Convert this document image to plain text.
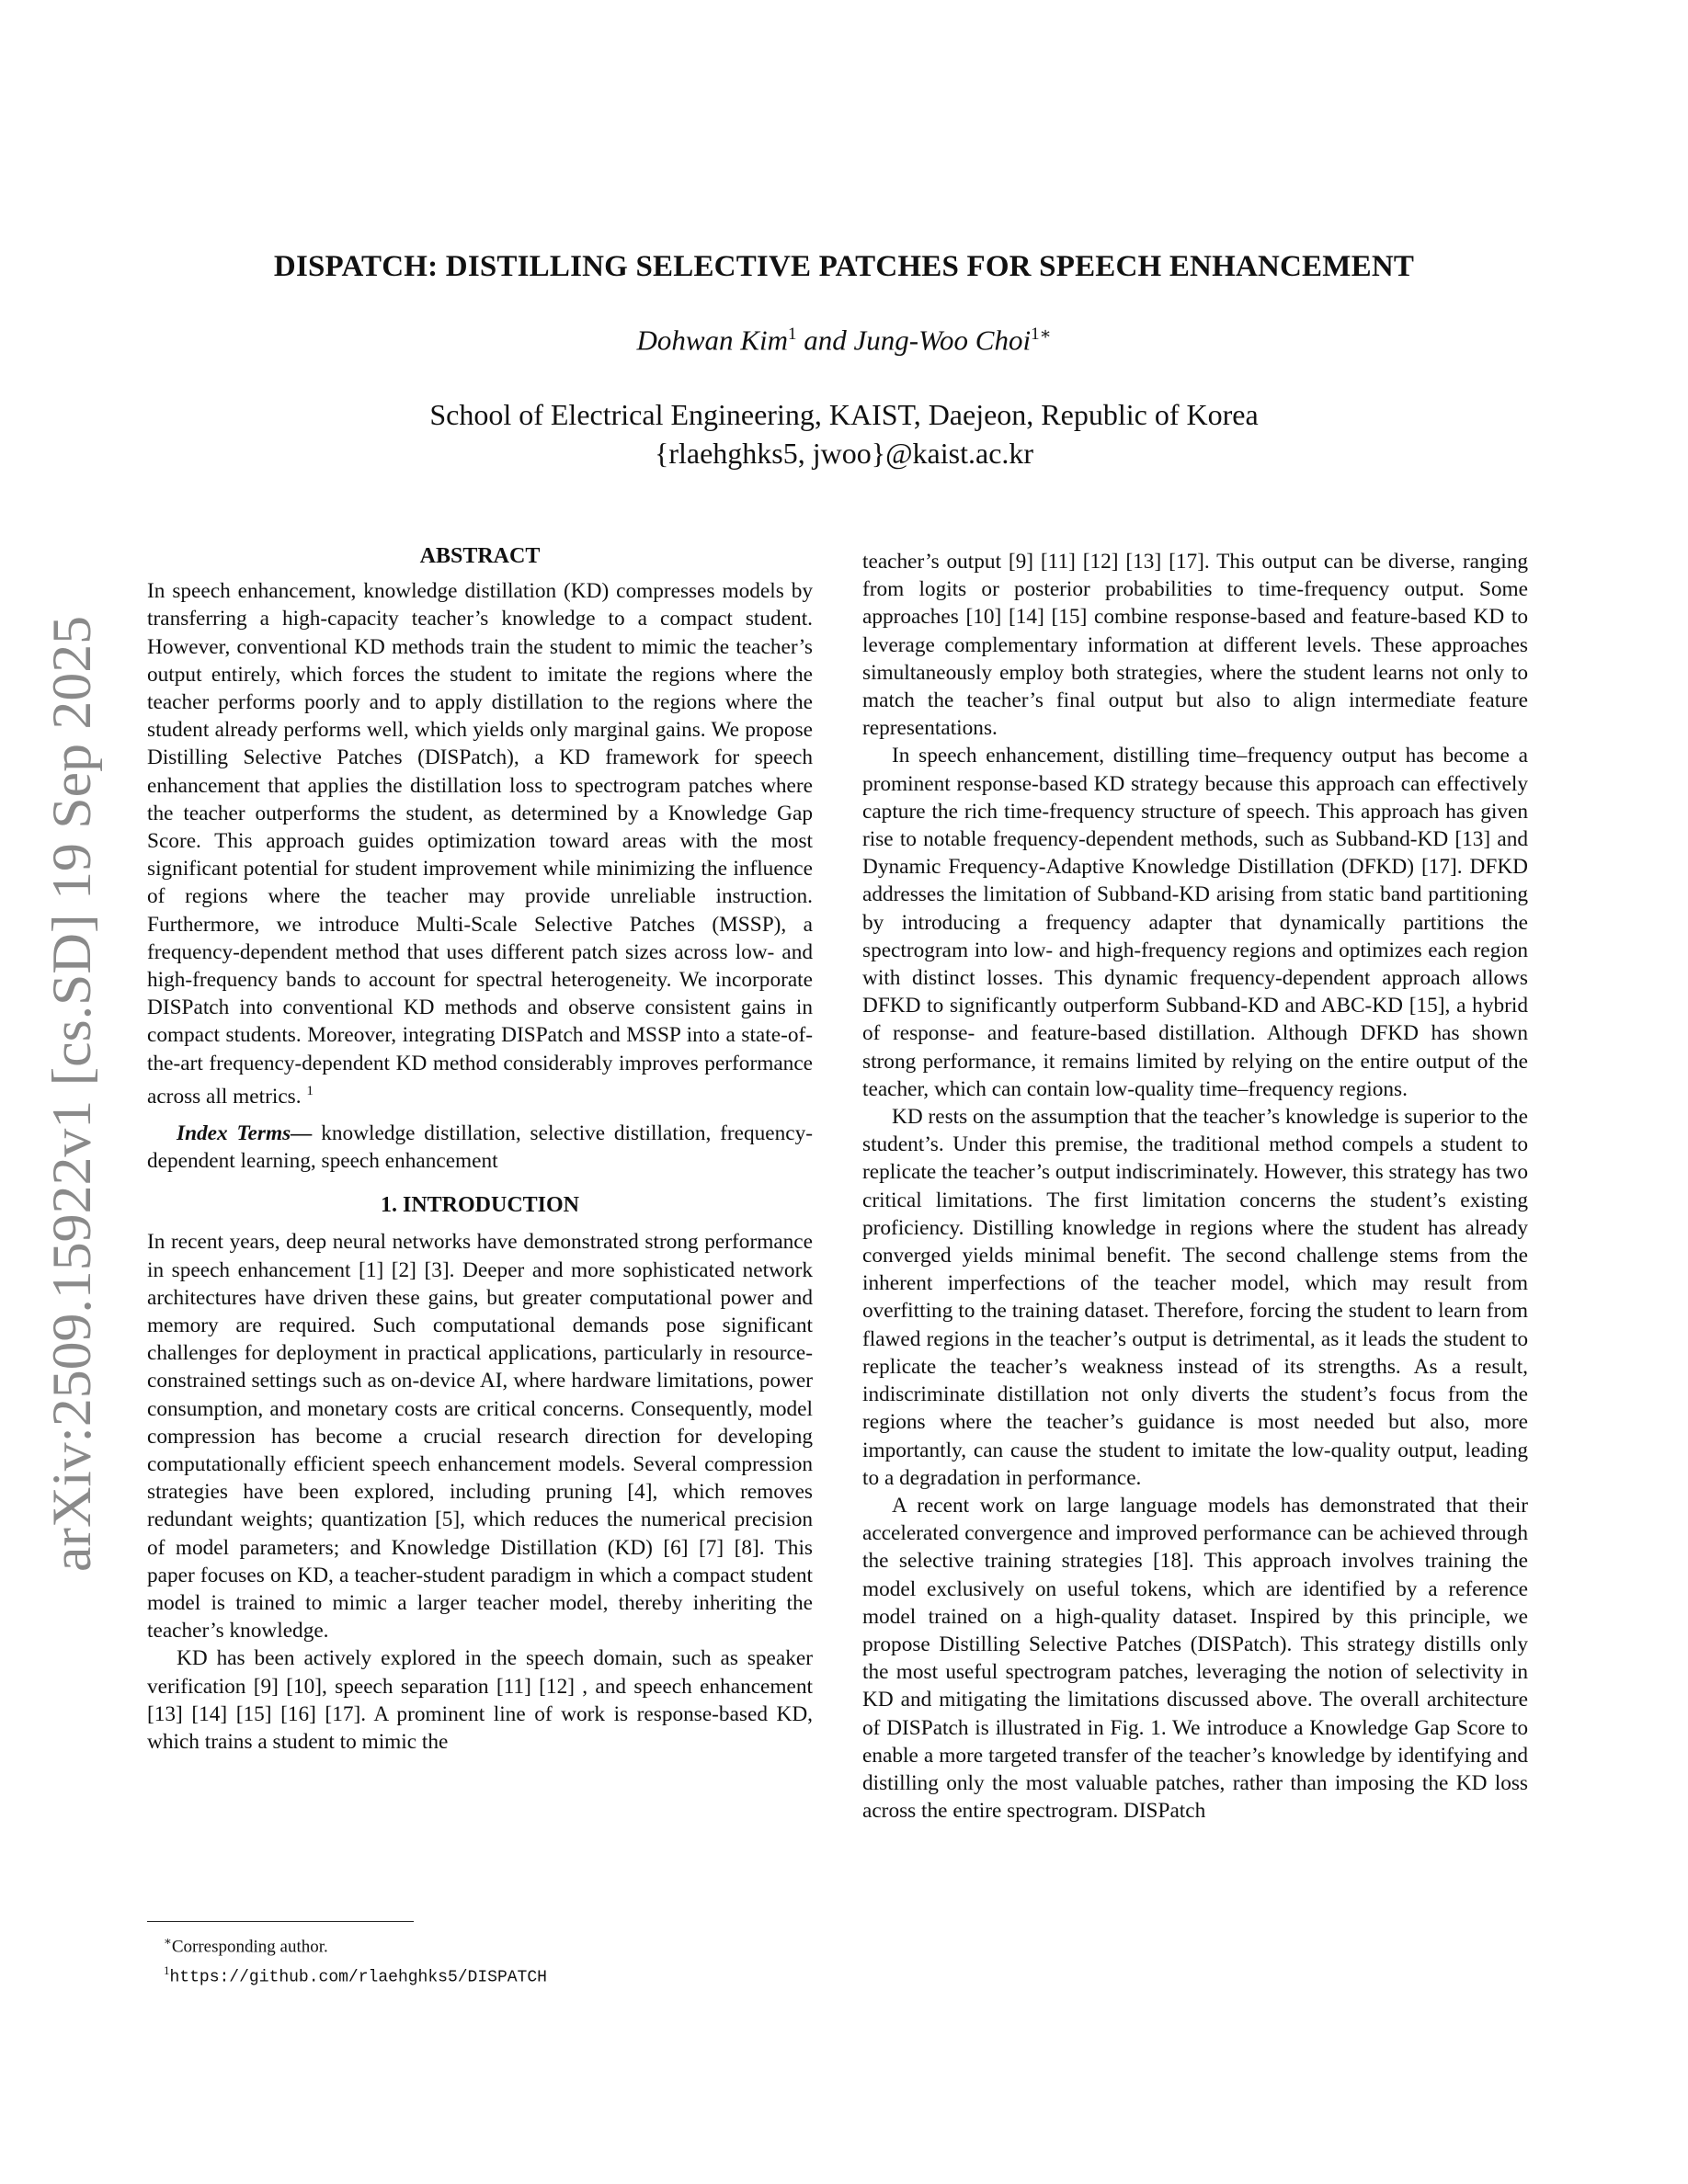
arXiv:2509.15922v1 [cs.SD] 19 Sep 2025
DISPATCH: DISTILLING SELECTIVE PATCHES FOR SPEECH ENHANCEMENT
Dohwan Kim$^1$ and Jung-Woo Choi$^{1∗}$
School of Electrical Engineering, KAIST, Daejeon, Republic of Korea
{rlaehghks5, jwoo}@kaist.ac.kr
ABSTRACT

In speech enhancement, knowledge distillation (KD) compresses models by transferring a high-capacity teacher’s knowledge to a compact student. However, conventional KD methods train the student to mimic the teacher’s output entirely, which forces the student to imitate the regions where the teacher performs poorly and to apply distillation to the regions where the student already performs well, which yields only marginal gains. We propose Distilling Selective Patches (DISPatch), a KD framework for speech enhancement that applies the distillation loss to spectrogram patches where the teacher outperforms the student, as determined by a Knowledge Gap Score. This approach guides optimization toward areas with the most significant potential for student improvement while minimizing the influence of regions where the teacher may provide unreliable instruction. Furthermore, we introduce Multi-Scale Selective Patches (MSSP), a frequency-dependent method that uses different patch sizes across low- and high-frequency bands to account for spectral heterogeneity. We incorporate DISPatch into conventional KD methods and observe consistent gains in compact students. Moreover, integrating DISPatch and MSSP into a state-of-the-art frequency-dependent KD method considerably improves performance across all metrics. $^1$

Index Terms— knowledge distillation, selective distillation, frequency-dependent learning, speech enhancement

1. INTRODUCTION

In recent years, deep neural networks have demonstrated strong performance in speech enhancement [1] [2] [3]. Deeper and more sophisticated network architectures have driven these gains, but greater computational power and memory are required. Such computational demands pose significant challenges for deployment in practical applications, particularly in resource-constrained settings such as on-device AI, where hardware limitations, power consumption, and monetary costs are critical concerns. Consequently, model compression has become a crucial research direction for developing computationally efficient speech enhancement models. Several compression strategies have been explored, including pruning [4], which removes redundant weights; quantization [5], which reduces the numerical precision of model parameters; and Knowledge Distillation (KD) [6] [7] [8]. This paper focuses on KD, a teacher-student paradigm in which a compact student model is trained to mimic a larger teacher model, thereby inheriting the teacher’s knowledge.

KD has been actively explored in the speech domain, such as speaker verification [9] [10], speech separation [11] [12] , and speech enhancement [13] [14] [15] [16] [17]. A prominent line of work is response-based KD, which trains a student to mimic the

∗Corresponding author.
$^1$https://github.com/rlaehghks5/DISPATCH

teacher’s output [9] [11] [12] [13] [17]. This output can be diverse, ranging from logits or posterior probabilities to time-frequency output. Some approaches [10] [14] [15] combine response-based and feature-based KD to leverage complementary information at different levels. These approaches simultaneously employ both strategies, where the student learns not only to match the teacher’s final output but also to align intermediate feature representations.

In speech enhancement, distilling time–frequency output has become a prominent response-based KD strategy because this approach can effectively capture the rich time-frequency structure of speech. This approach has given rise to notable frequency-dependent methods, such as Subband-KD [13] and Dynamic Frequency-Adaptive Knowledge Distillation (DFKD) [17]. DFKD addresses the limitation of Subband-KD arising from static band partitioning by introducing a frequency adapter that dynamically partitions the spectrogram into low- and high-frequency regions and optimizes each region with distinct losses. This dynamic frequency-dependent approach allows DFKD to significantly outperform Subband-KD and ABC-KD [15], a hybrid of response- and feature-based distillation. Although DFKD has shown strong performance, it remains limited by relying on the entire output of the teacher, which can contain low-quality time–frequency regions.

KD rests on the assumption that the teacher’s knowledge is superior to the student’s. Under this premise, the traditional method compels a student to replicate the teacher’s output indiscriminately. However, this strategy has two critical limitations. The first limitation concerns the student’s existing proficiency. Distilling knowledge in regions where the student has already converged yields minimal benefit. The second challenge stems from the inherent imperfections of the teacher model, which may result from overfitting to the training dataset. Therefore, forcing the student to learn from flawed regions in the teacher’s output is detrimental, as it leads the student to replicate the teacher’s weakness instead of its strengths. As a result, indiscriminate distillation not only diverts the student’s focus from the regions where the teacher’s guidance is most needed but also, more importantly, can cause the student to imitate the low-quality output, leading to a degradation in performance.

A recent work on large language models has demonstrated that their accelerated convergence and improved performance can be achieved through the selective training strategies [18]. This approach involves training the model exclusively on useful tokens, which are identified by a reference model trained on a high-quality dataset. Inspired by this principle, we propose Distilling Selective Patches (DISPatch). This strategy distills only the most useful spectrogram patches, leveraging the notion of selectivity in KD and mitigating the limitations discussed above. The overall architecture of DISPatch is illustrated in Fig. 1. We introduce a Knowledge Gap Score to enable a more targeted transfer of the teacher’s knowledge by identifying and distilling only the most valuable patches, rather than imposing the KD loss across the entire spectrogram. DISPatch
